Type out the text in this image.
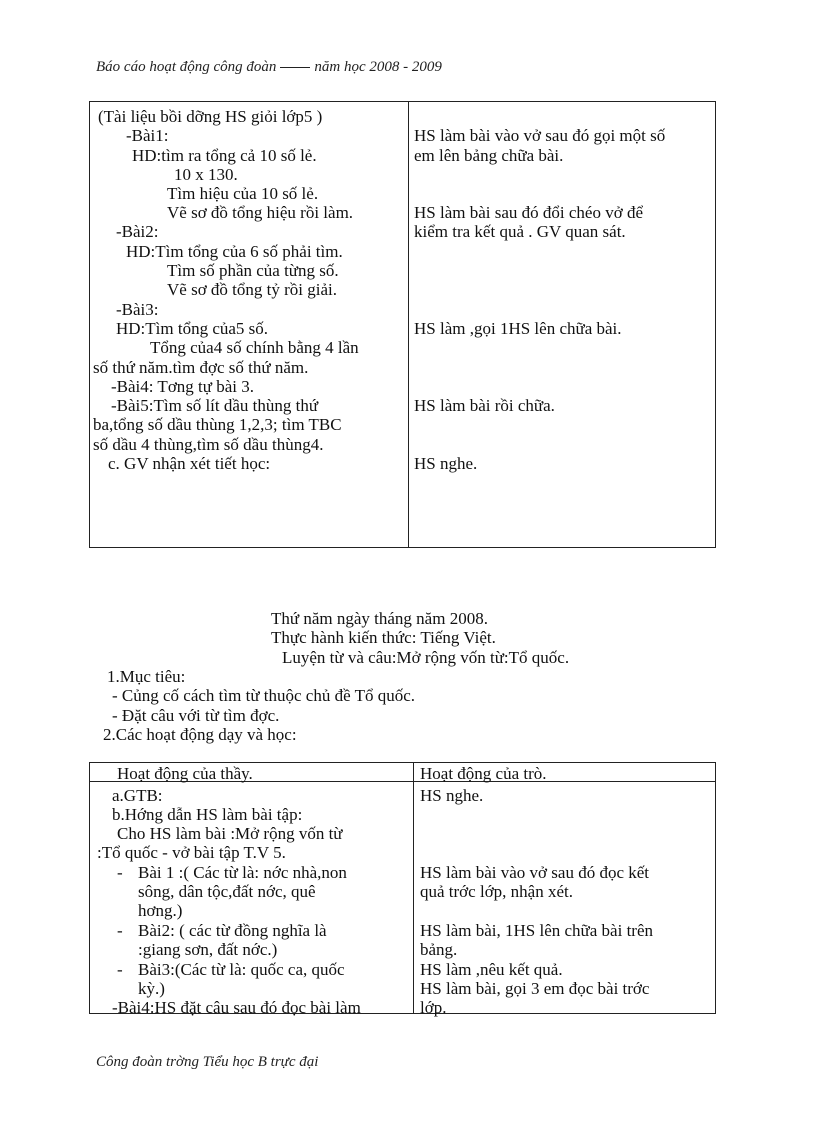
Báo cáo hoạt động công đoàn	năm học 2008 - 2009
(Tài liệu bồi dỡng HS giỏi lớp5 )
-Bài1:
HD:tìm ra tổng cả 10 số lẻ.
10 x 130.
Tìm hiệu của 10 số lẻ.
Vẽ sơ đồ tổng hiệu rồi làm.
-Bài2:
HD:Tìm tổng của 6 số phải tìm.
Tìm số phần của từng số.
Vẽ sơ đồ tổng tỷ rồi giải.
-Bài3:
HD:Tìm tổng của5 số.
Tổng của4 số chính bằng 4 lần
số thứ năm.tìm đợc số thứ năm.
-Bài4: Tơng tự bài 3.
-Bài5:Tìm số lít dầu thùng thứ
ba,tổng số dầu thùng 1,2,3; tìm TBC
số dầu 4 thùng,tìm số dầu thùng4.
c. GV nhận xét tiết học:
HS làm bài vào vở sau đó gọi một số
em lên bảng chữa bài.
HS làm bài sau đó đổi chéo vở để
kiểm tra kết quả . GV quan sát.
HS làm ,gọi 1HS lên chữa bài.
HS làm bài rồi chữa.
HS nghe.
Thứ năm ngày tháng năm 2008.
Thực hành kiến thức: Tiếng Việt.
Luyện từ và câu:Mở rộng vốn từ:Tổ quốc.
1.Mục tiêu:
- Củng cố cách tìm từ thuộc chủ đề Tổ quốc.
- Đặt câu với từ tìm đợc.
2.Các hoạt động dạy và học:
Hoạt động của thầy.	Hoạt động của trò.
a.GTB:
b.Hớng dẫn HS làm bài tập:
Cho HS làm bài :Mở rộng vốn từ
:Tổ quốc - vở bài tập T.V 5.
- Bài 1 :( Các từ là: nớc nhà,non
sông, dân tộc,đất nớc, quê
hơng.)
- Bài2: ( các từ đồng nghĩa là
:giang sơn, đất nớc.)
- Bài3:(Các từ là: quốc ca, quốc
kỳ.)
-Bài4:HS đặt câu sau đó đọc bài làm
HS nghe.
HS làm bài vào vở sau đó đọc kết
quả trớc lớp, nhận xét.
HS làm bài, 1HS lên chữa bài trên
bảng.
HS làm ,nêu kết quả.
HS làm bài, gọi 3 em đọc bài trớc
lớp.
Công đoàn trờng Tiểu học B trực đại
